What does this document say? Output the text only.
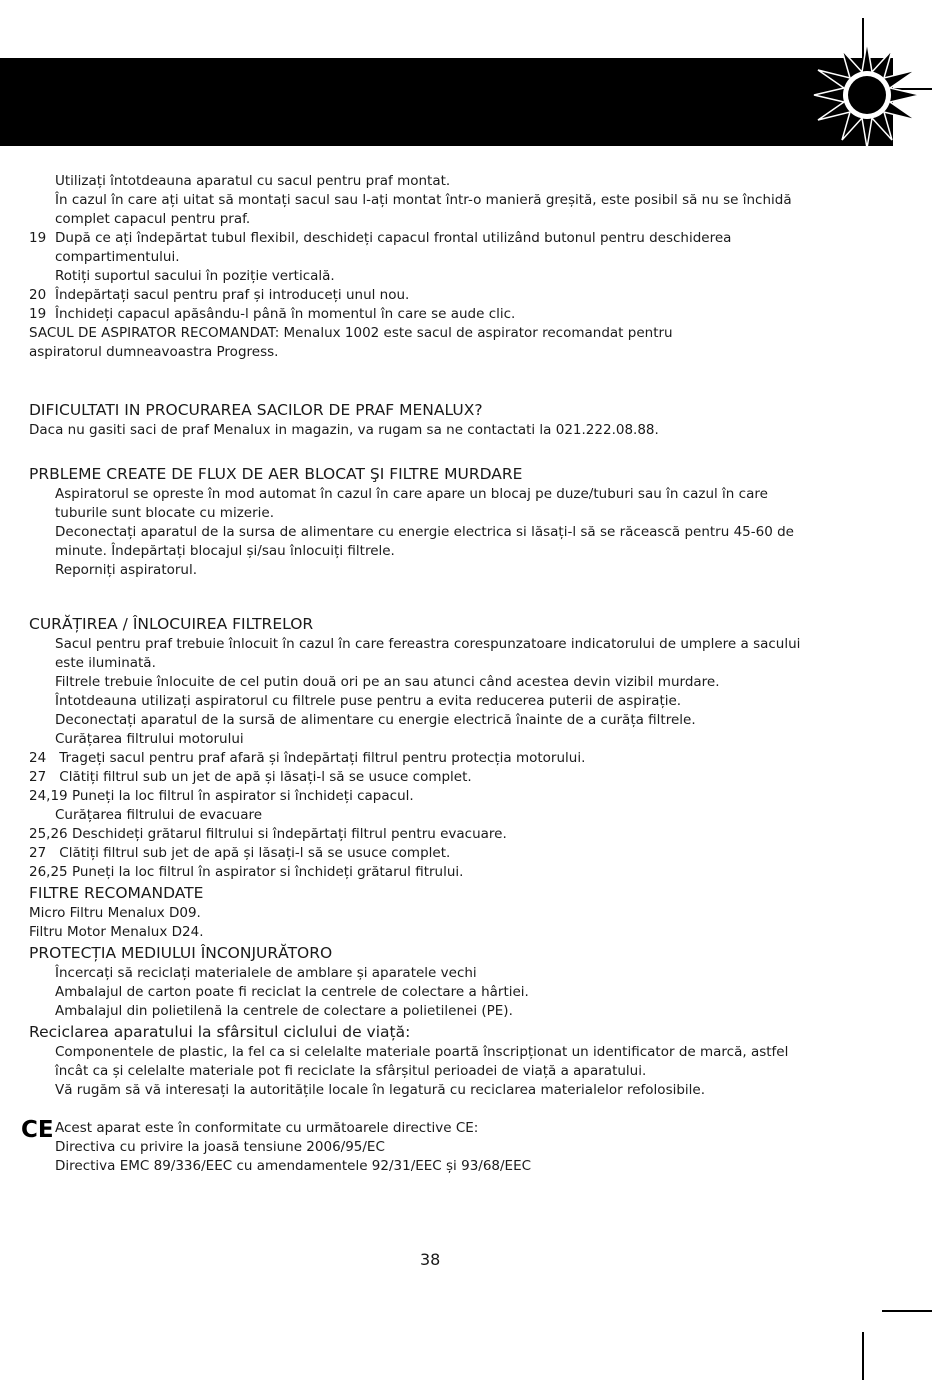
Utilizați întotdeauna aparatul cu sacul pentru praf montat.
În cazul în care ați uitat să montați sacul sau l-ați montat într-o manieră greșită, este posibil să nu se închidă
complet capacul pentru praf.
19 După ce ați îndepărtat tubul flexibil, deschideți capacul frontal utilizând butonul pentru deschiderea
compartimentului.
Rotiți suportul sacului în poziție verticală.
20 Îndepărtați sacul pentru praf și introduceți unul nou.
19 Închideți capacul apăsându-l până în momentul în care se aude clic.
SACUL DE ASPIRATOR RECOMANDAT: Menalux 1002 este sacul de aspirator recomandat pentru
aspiratorul dumneavoastra Progress.
DIFICULTATI IN PROCURAREA SACILOR DE PRAF MENALUX?
Daca nu gasiti saci de praf Menalux in magazin, va rugam sa ne contactati la 021.222.08.88.
PRBLEME CREATE DE FLUX DE AER BLOCAT ŞI FILTRE MURDARE
Aspiratorul se opreste în mod automat în cazul în care apare un blocaj pe duze/tuburi sau în cazul în care
tuburile sunt blocate cu mizerie.
Deconectați aparatul de la sursa de alimentare cu energie electrica si lăsați-l să se răcească pentru 45-60 de
minute. Îndepărtați blocajul și/sau înlocuiți filtrele.
Reporniți aspiratorul.
CURĂȚIREA / ÎNLOCUIREA FILTRELOR
Sacul pentru praf trebuie înlocuit în cazul în care fereastra corespunzatoare indicatorului de umplere a sacului
este iluminată.
Filtrele trebuie înlocuite de cel putin două ori pe an sau atunci când acestea devin vizibil murdare.
Întotdeauna utilizați aspiratorul cu filtrele puse pentru a evita reducerea puterii de aspirație.
Deconectați aparatul de la sursă de alimentare cu energie electrică înainte de a curăța filtrele.
Curățarea filtrului motorului
24 Trageți sacul pentru praf afară și îndepărtați filtrul pentru protecția motorului.
27 Clătiți filtrul sub un jet de apă și lăsați-l să se usuce complet.
24,19 Puneți la loc filtrul în aspirator si închideți capacul.
Curățarea filtrului de evacuare
25,26 Deschideți grătarul filtrului si îndepărtați filtrul pentru evacuare.
27 Clătiți filtrul sub jet de apă și lăsați-l să se usuce complet.
26,25 Puneți la loc filtrul în aspirator si închideți grătarul fitrului.
FILTRE RECOMANDATE
Micro Filtru Menalux D09.
Filtru Motor Menalux D24.
PROTECȚIA MEDIULUI ÎNCONJURĂTORO
Încercați să reciclați materialele de amblare și aparatele vechi
Ambalajul de carton poate fi reciclat la centrele de colectare a hârtiei.
Ambalajul din polietilenă la centrele de colectare a polietilenei (PE).
Reciclarea aparatului la sfârsitul ciclului de viață:
Componentele de plastic, la fel ca si celelalte materiale poartă înscripționat un identificator de marcă, astfel
încât ca și celelalte materiale pot fi reciclate la sfârșitul perioadei de viață a aparatului.
Vă rugăm să vă interesați la autoritățile locale în legatură cu reciclarea materialelor refolosibile.
CE Acest aparat este în conformitate cu următoarele directive CE:
Directiva cu privire la joasă tensiune 2006/95/EC
Directiva EMC 89/336/EEC cu amendamentele 92/31/EEC și 93/68/EEC
38
